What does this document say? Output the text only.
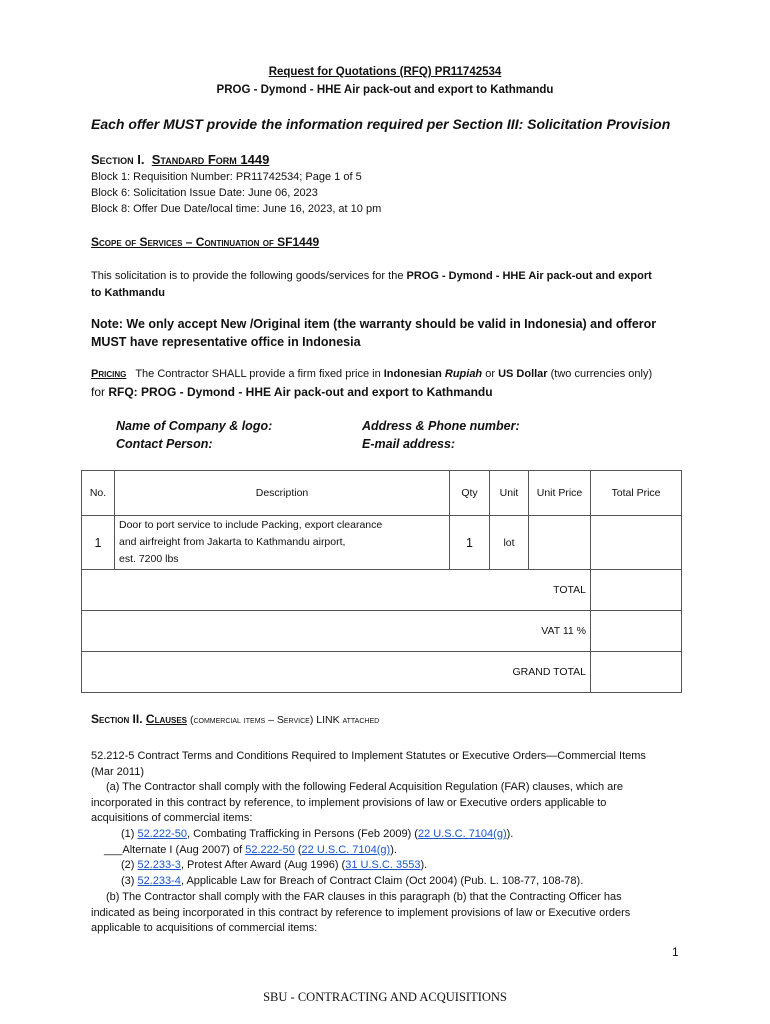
Request for Quotations (RFQ) PR11742534
PROG - Dymond - HHE Air pack-out and export to Kathmandu
Each offer MUST provide the information required per Section III: Solicitation Provision
Section I. Standard Form 1449
Block 1: Requisition Number: PR11742534; Page 1 of 5
Block 6: Solicitation Issue Date: June 06, 2023
Block 8: Offer Due Date/local time: June 16, 2023, at 10 pm
Scope of Services – Continuation of SF1449
This solicitation is to provide the following goods/services for the PROG - Dymond - HHE Air pack-out and export
to Kathmandu
Note: We only accept New /Original item (the warranty should be valid in Indonesia) and offeror
MUST have representative office in Indonesia
Pricing The Contractor SHALL provide a firm fixed price in Indonesian Rupiah or US Dollar (two currencies only)
for RFQ: PROG - Dymond - HHE Air pack-out and export to Kathmandu
Name of Company & logo:
Contact Person:
Address & Phone number:
E-mail address:
No.	Description	Qty	Unit	Unit Price	Total Price
1	Door to port service to include Packing, export clearance
and airfreight from Jakarta to Kathmandu airport,
est. 7200 lbs	1	lot		
TOTAL					
VAT 11 %					
GRAND TOTAL					
Section II. Clauses (commercial items – Service) LINK attached
52.212-5 Contract Terms and Conditions Required to Implement Statutes or Executive Orders—Commercial Items
(Mar 2011)
(a) The Contractor shall comply with the following Federal Acquisition Regulation (FAR) clauses, which are
incorporated in this contract by reference, to implement provisions of law or Executive orders applicable to
acquisitions of commercial items:
(1) 52.222-50, Combating Trafficking in Persons (Feb 2009) (22 U.S.C. 7104(g)).
___Alternate I (Aug 2007) of 52.222-50 (22 U.S.C. 7104(g)).
(2) 52.233-3, Protest After Award (Aug 1996) (31 U.S.C. 3553).
(3) 52.233-4, Applicable Law for Breach of Contract Claim (Oct 2004) (Pub. L. 108-77, 108-78).
(b) The Contractor shall comply with the FAR clauses in this paragraph (b) that the Contracting Officer has
indicated as being incorporated in this contract by reference to implement provisions of law or Executive orders
applicable to acquisitions of commercial items:
1
SBU - CONTRACTING AND ACQUISITIONS
